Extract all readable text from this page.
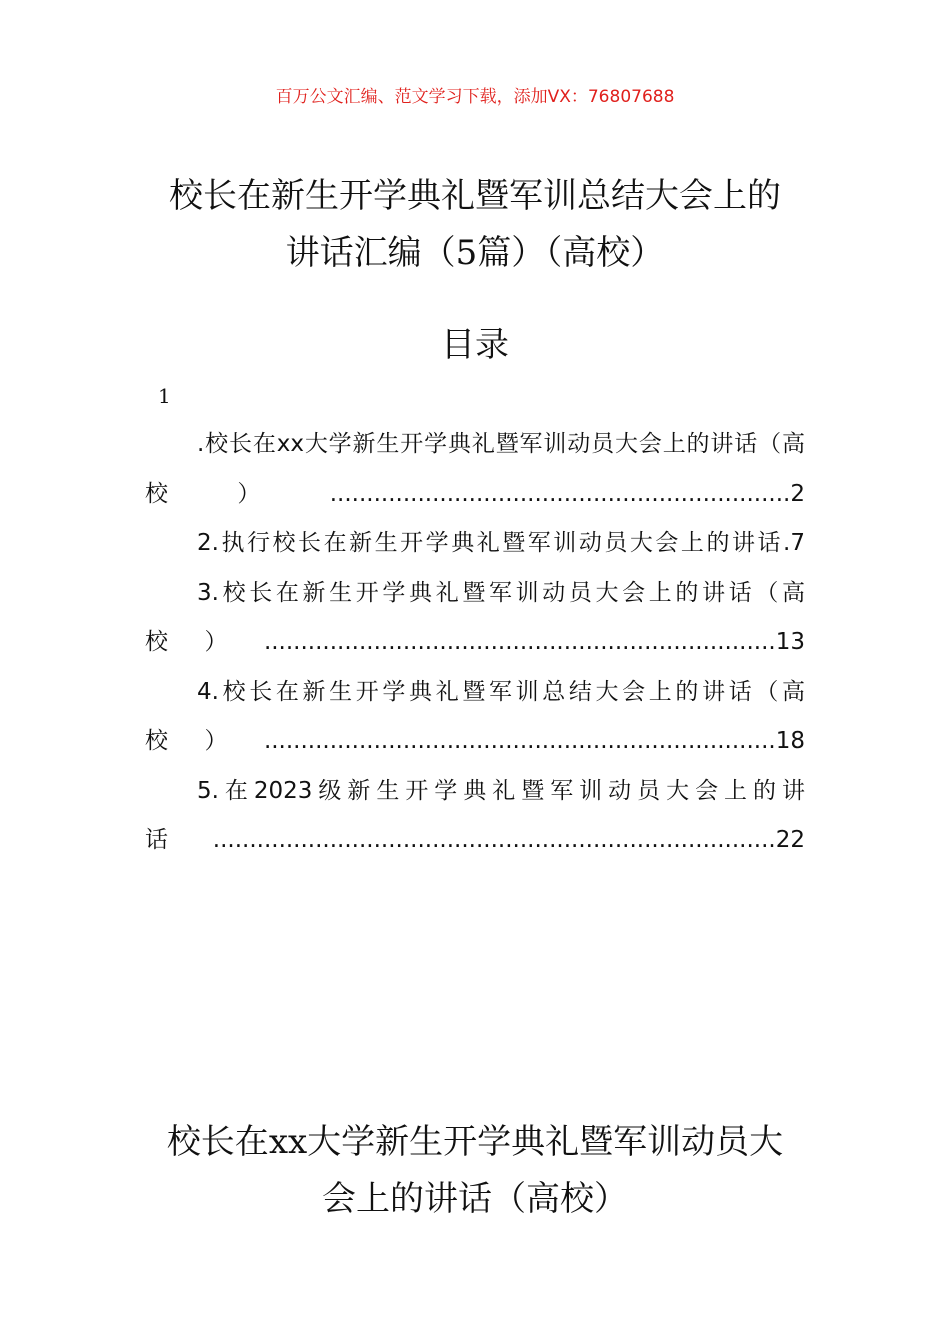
百万公文汇编、范文学习下载，添加VX：76807688
校长在新生开学典礼暨军训总结大会上的
讲话汇编（5篇）（高校）
目录
1
.校长在xx大学新生开学典礼暨军训动员大会上的讲话（高校）...............................................................2
2.执行校长在新生开学典礼暨军训动员大会上的讲话.7
3.校长在新生开学典礼暨军训动员大会上的讲话（高校）......................................................................13
4.校长在新生开学典礼暨军训总结大会上的讲话（高校）......................................................................18
5.在2023级新生开学典礼暨军训动员大会上的讲话.............................................................................22
校长在xx大学新生开学典礼暨军训动员大
会上的讲话（高校）
